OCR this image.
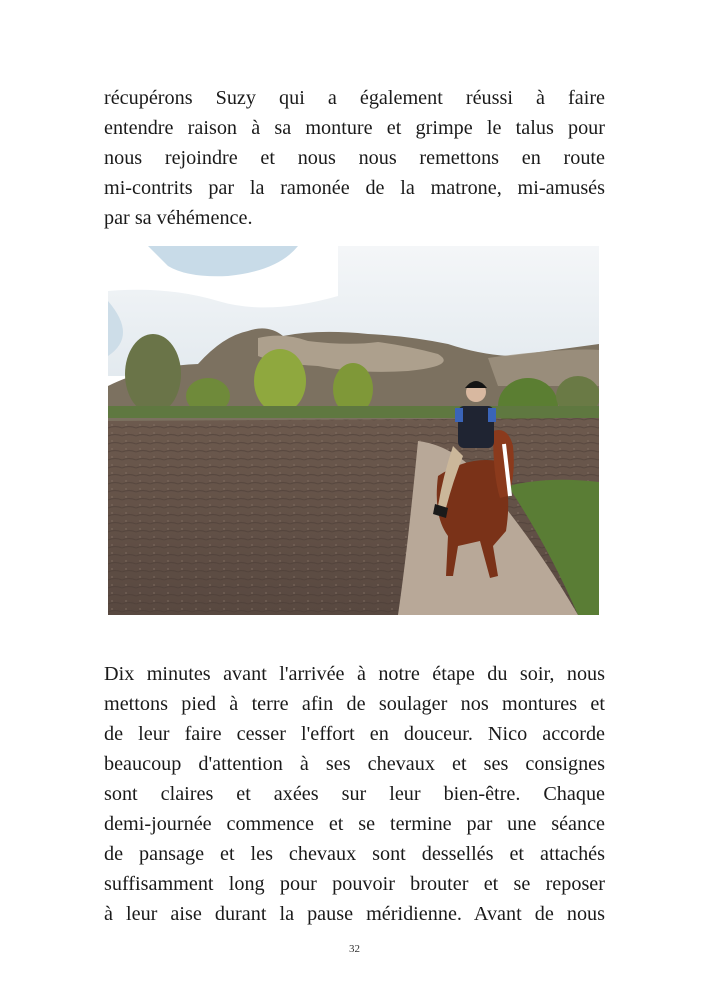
récupérons Suzy qui a également réussi à faire
entendre raison à sa monture et grimpe le talus pour
nous rejoindre et nous nous remettons en route
mi-contrits par la ramonée de la matrone, mi-amusés
par sa véhémence.

Dix minutes avant l'arrivée à notre étape du soir, nous
mettons pied à terre afin de soulager nos montures et
de leur faire cesser l'effort en douceur. Nico accorde
beaucoup d'attention à ses chevaux et ses consignes
sont claires et axées sur leur bien-être. Chaque
demi-journée commence et se termine par une séance
de pansage et les chevaux sont dessellés et attachés
suffisamment long pour pouvoir brouter et se reposer
à leur aise durant la pause méridienne. Avant de nous

32
